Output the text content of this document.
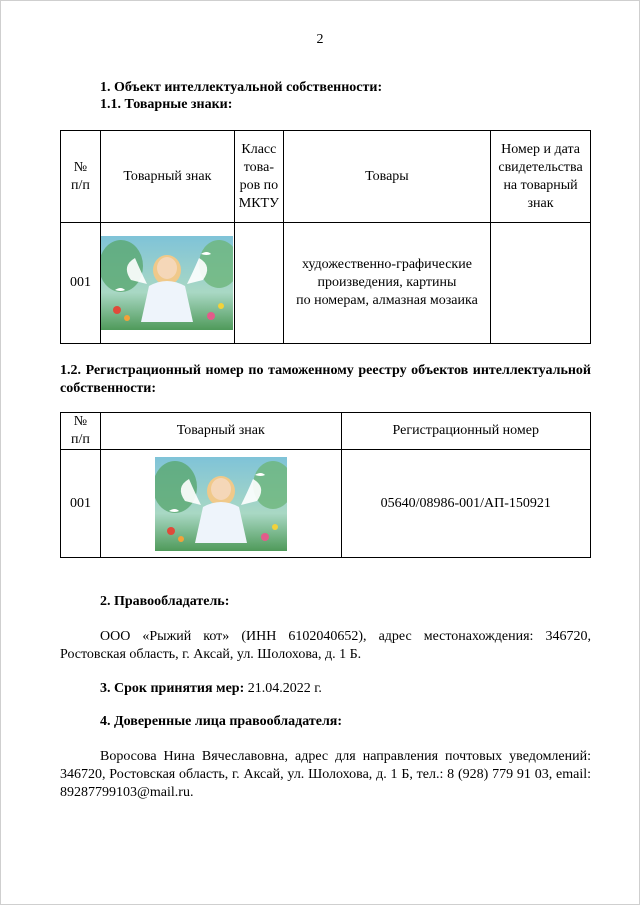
2
1. Объект интеллектуальной собственности:
1.1. Товарные знаки:
№ п/п	Товарный знак	Класс това-ров по МКТУ	Товары	Номер и дата свидетельства на товарный знак
001			художественно-графические
произведения, картины
по номерам, алмазная мозаика	

1.2. Регистрационный номер по таможенному реестру объектов интеллектуальной собственности:
№ п/п	Товарный знак	Регистрационный номер
001		05640/08986-001/АП-150921
2. Правообладатель:
ООО «Рыжий кот» (ИНН 6102040652), адрес местонахождения: 346720, Ростовская область, г. Аксай, ул. Шолохова, д. 1 Б.
3. Срок принятия мер: 21.04.2022 г.
4. Доверенные лица правообладателя:
Воросова Нина Вячеславовна, адрес для направления почтовых уведомлений: 346720, Ростовская область, г. Аксай, ул. Шолохова, д. 1 Б, тел.: 8 (928) 779 91 03, email: 89287799103@mail.ru.
